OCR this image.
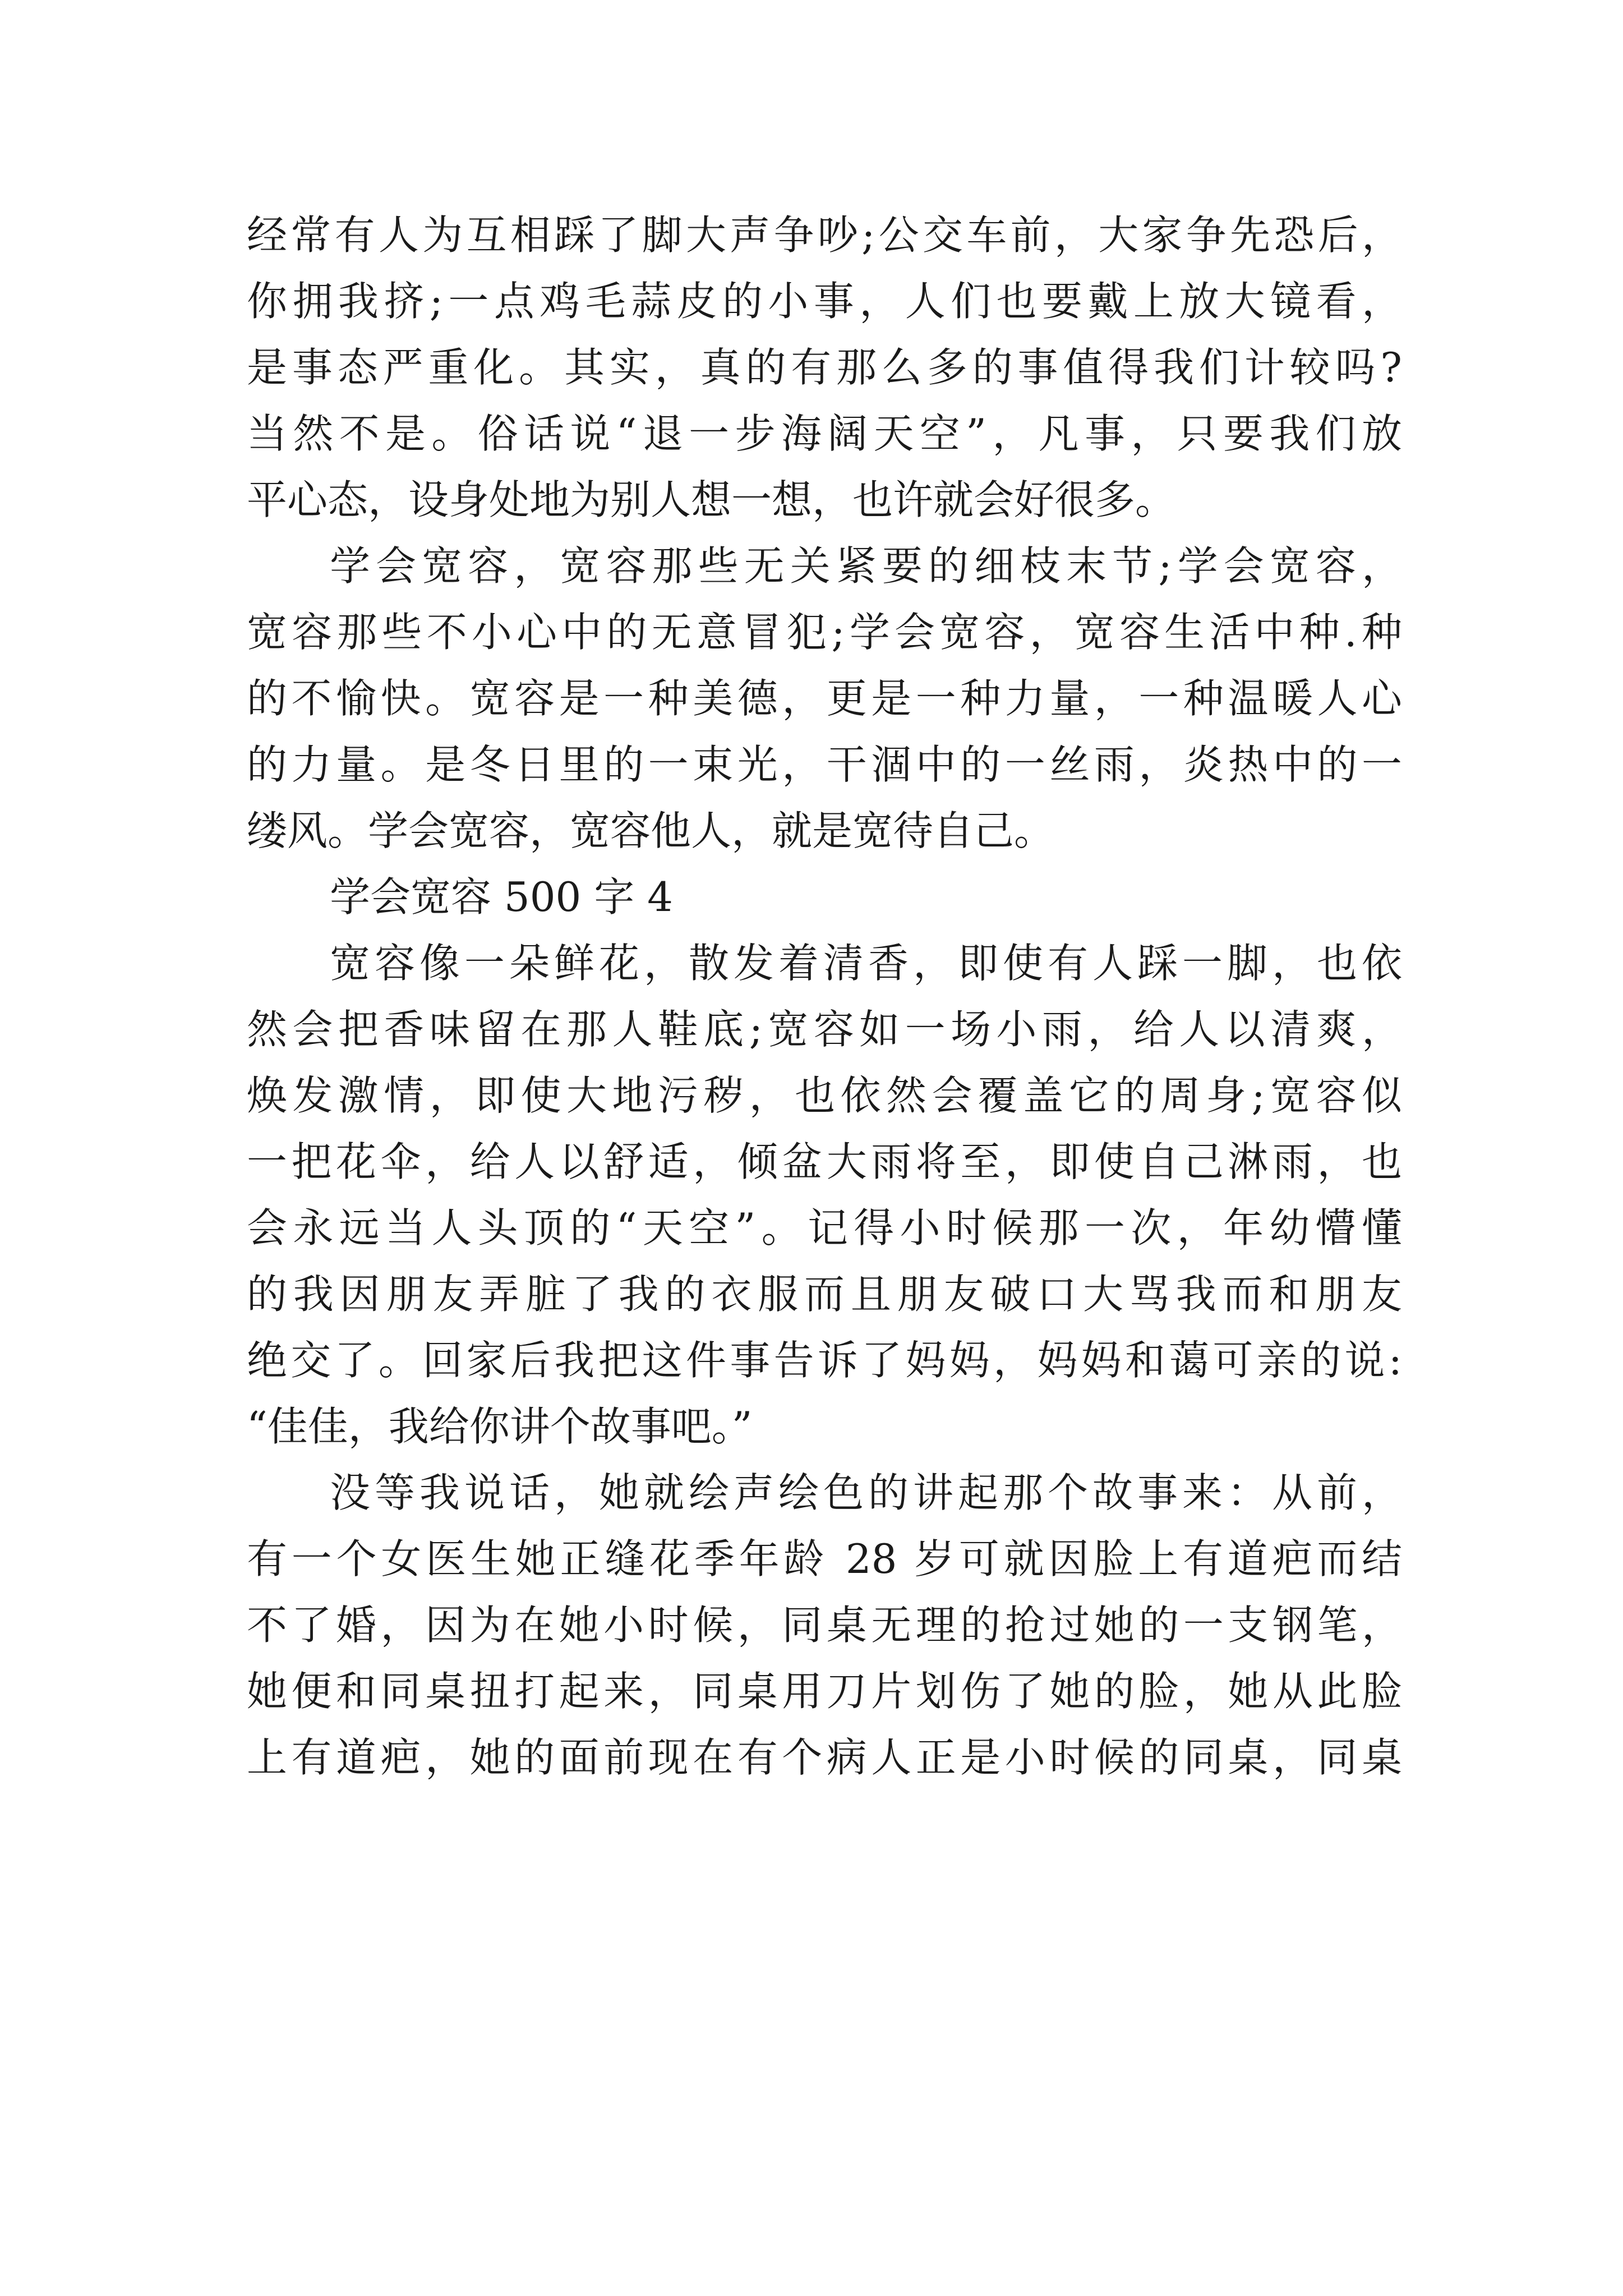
经常有人为互相踩了脚大声争吵;公交车前，大家争先恐后，
你拥我挤;一点鸡毛蒜皮的小事，人们也要戴上放大镜看，
是事态严重化。其实，真的有那么多的事值得我们计较吗?
当然不是。俗话说“退一步海阔天空”，凡事，只要我们放
平心态，设身处地为别人想一想，也许就会好很多。
学会宽容，宽容那些无关紧要的细枝末节;学会宽容，
宽容那些不小心中的无意冒犯;学会宽容，宽容生活中种.种
的不愉快。宽容是一种美德，更是一种力量，一种温暖人心
的力量。是冬日里的一束光，干涸中的一丝雨，炎热中的一
缕风。学会宽容，宽容他人，就是宽待自己。
学会宽容 500 字 4
宽容像一朵鲜花，散发着清香，即使有人踩一脚，也依
然会把香味留在那人鞋底;宽容如一场小雨，给人以清爽，
焕发激情，即使大地污秽，也依然会覆盖它的周身;宽容似
一把花伞，给人以舒适，倾盆大雨将至，即使自己淋雨，也
会永远当人头顶的“天空”。记得小时候那一次，年幼懵懂
的我因朋友弄脏了我的衣服而且朋友破口大骂我而和朋友
绝交了。回家后我把这件事告诉了妈妈，妈妈和蔼可亲的说:
“佳佳，我给你讲个故事吧。”
没等我说话，她就绘声绘色的讲起那个故事来：从前，
有一个女医生她正缝花季年龄 28 岁可就因脸上有道疤而结
不了婚，因为在她小时候，同桌无理的抢过她的一支钢笔，
她便和同桌扭打起来，同桌用刀片划伤了她的脸，她从此脸
上有道疤，她的面前现在有个病人正是小时候的同桌，同桌
